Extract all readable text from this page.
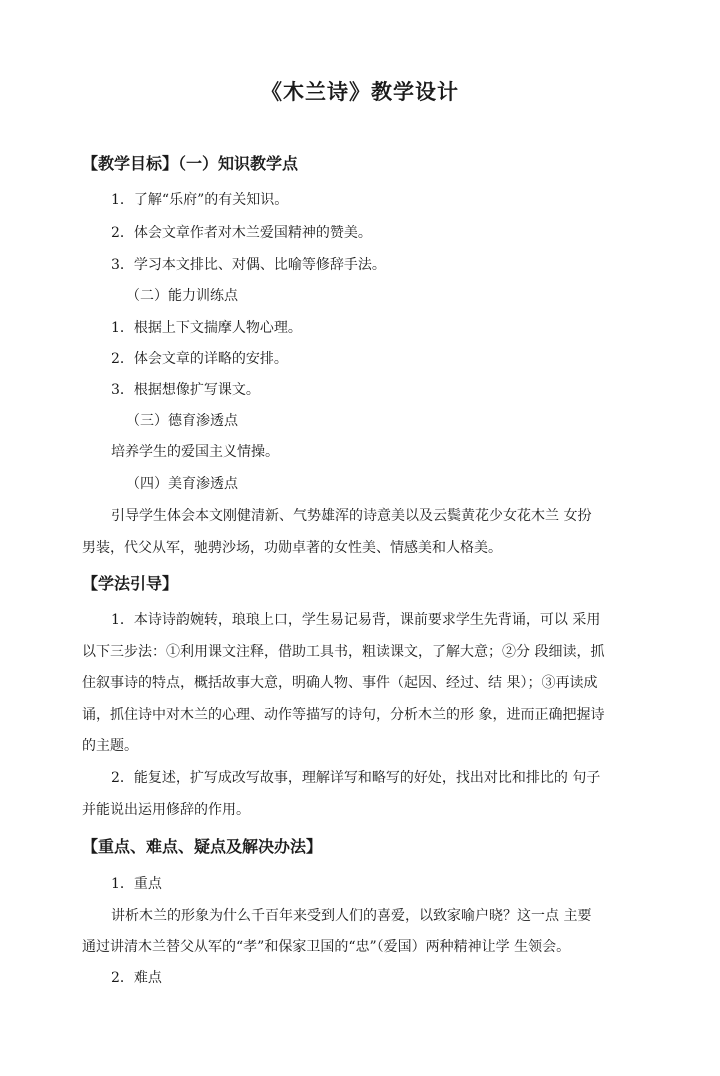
《木兰诗》教学设计
【教学目标】（一）知识教学点
1．了解“乐府”的有关知识。
2．体会文章作者对木兰爱国精神的赞美。
3．学习本文排比、对偶、比喻等修辞手法。
（二）能力训练点
1．根据上下文揣摩人物心理。
2．体会文章的详略的安排。
3．根据想像扩写课文。
（三）德育渗透点
培养学生的爱国主义情操。
（四）美育渗透点
引导学生体会本文刚健清新、气势雄浑的诗意美以及云鬓黄花少女花木兰 女扮
男装，代父从军，驰骋沙场，功勋卓著的女性美、情感美和人格美。
【学法引导】
1．本诗诗韵婉转，琅琅上口，学生易记易背，课前要求学生先背诵，可以 采用
以下三步法：①利用课文注释，借助工具书，粗读课文，了解大意；②分 段细读，抓
住叙事诗的特点，概括故事大意，明确人物、事件（起因、经过、结 果）；③再读成
诵，抓住诗中对木兰的心理、动作等描写的诗句，分析木兰的形 象，进而正确把握诗
的主题。
2．能复述，扩写成改写故事，理解详写和略写的好处，找出对比和排比的 句子
并能说出运用修辞的作用。
【重点、难点、疑点及解决办法】
1．重点
讲析木兰的形象为什么千百年来受到人们的喜爱，以致家喻户晓？这一点 主要
通过讲清木兰替父从军的“孝”和保家卫国的“忠”（爱国）两种精神让学 生领会。
2．难点
